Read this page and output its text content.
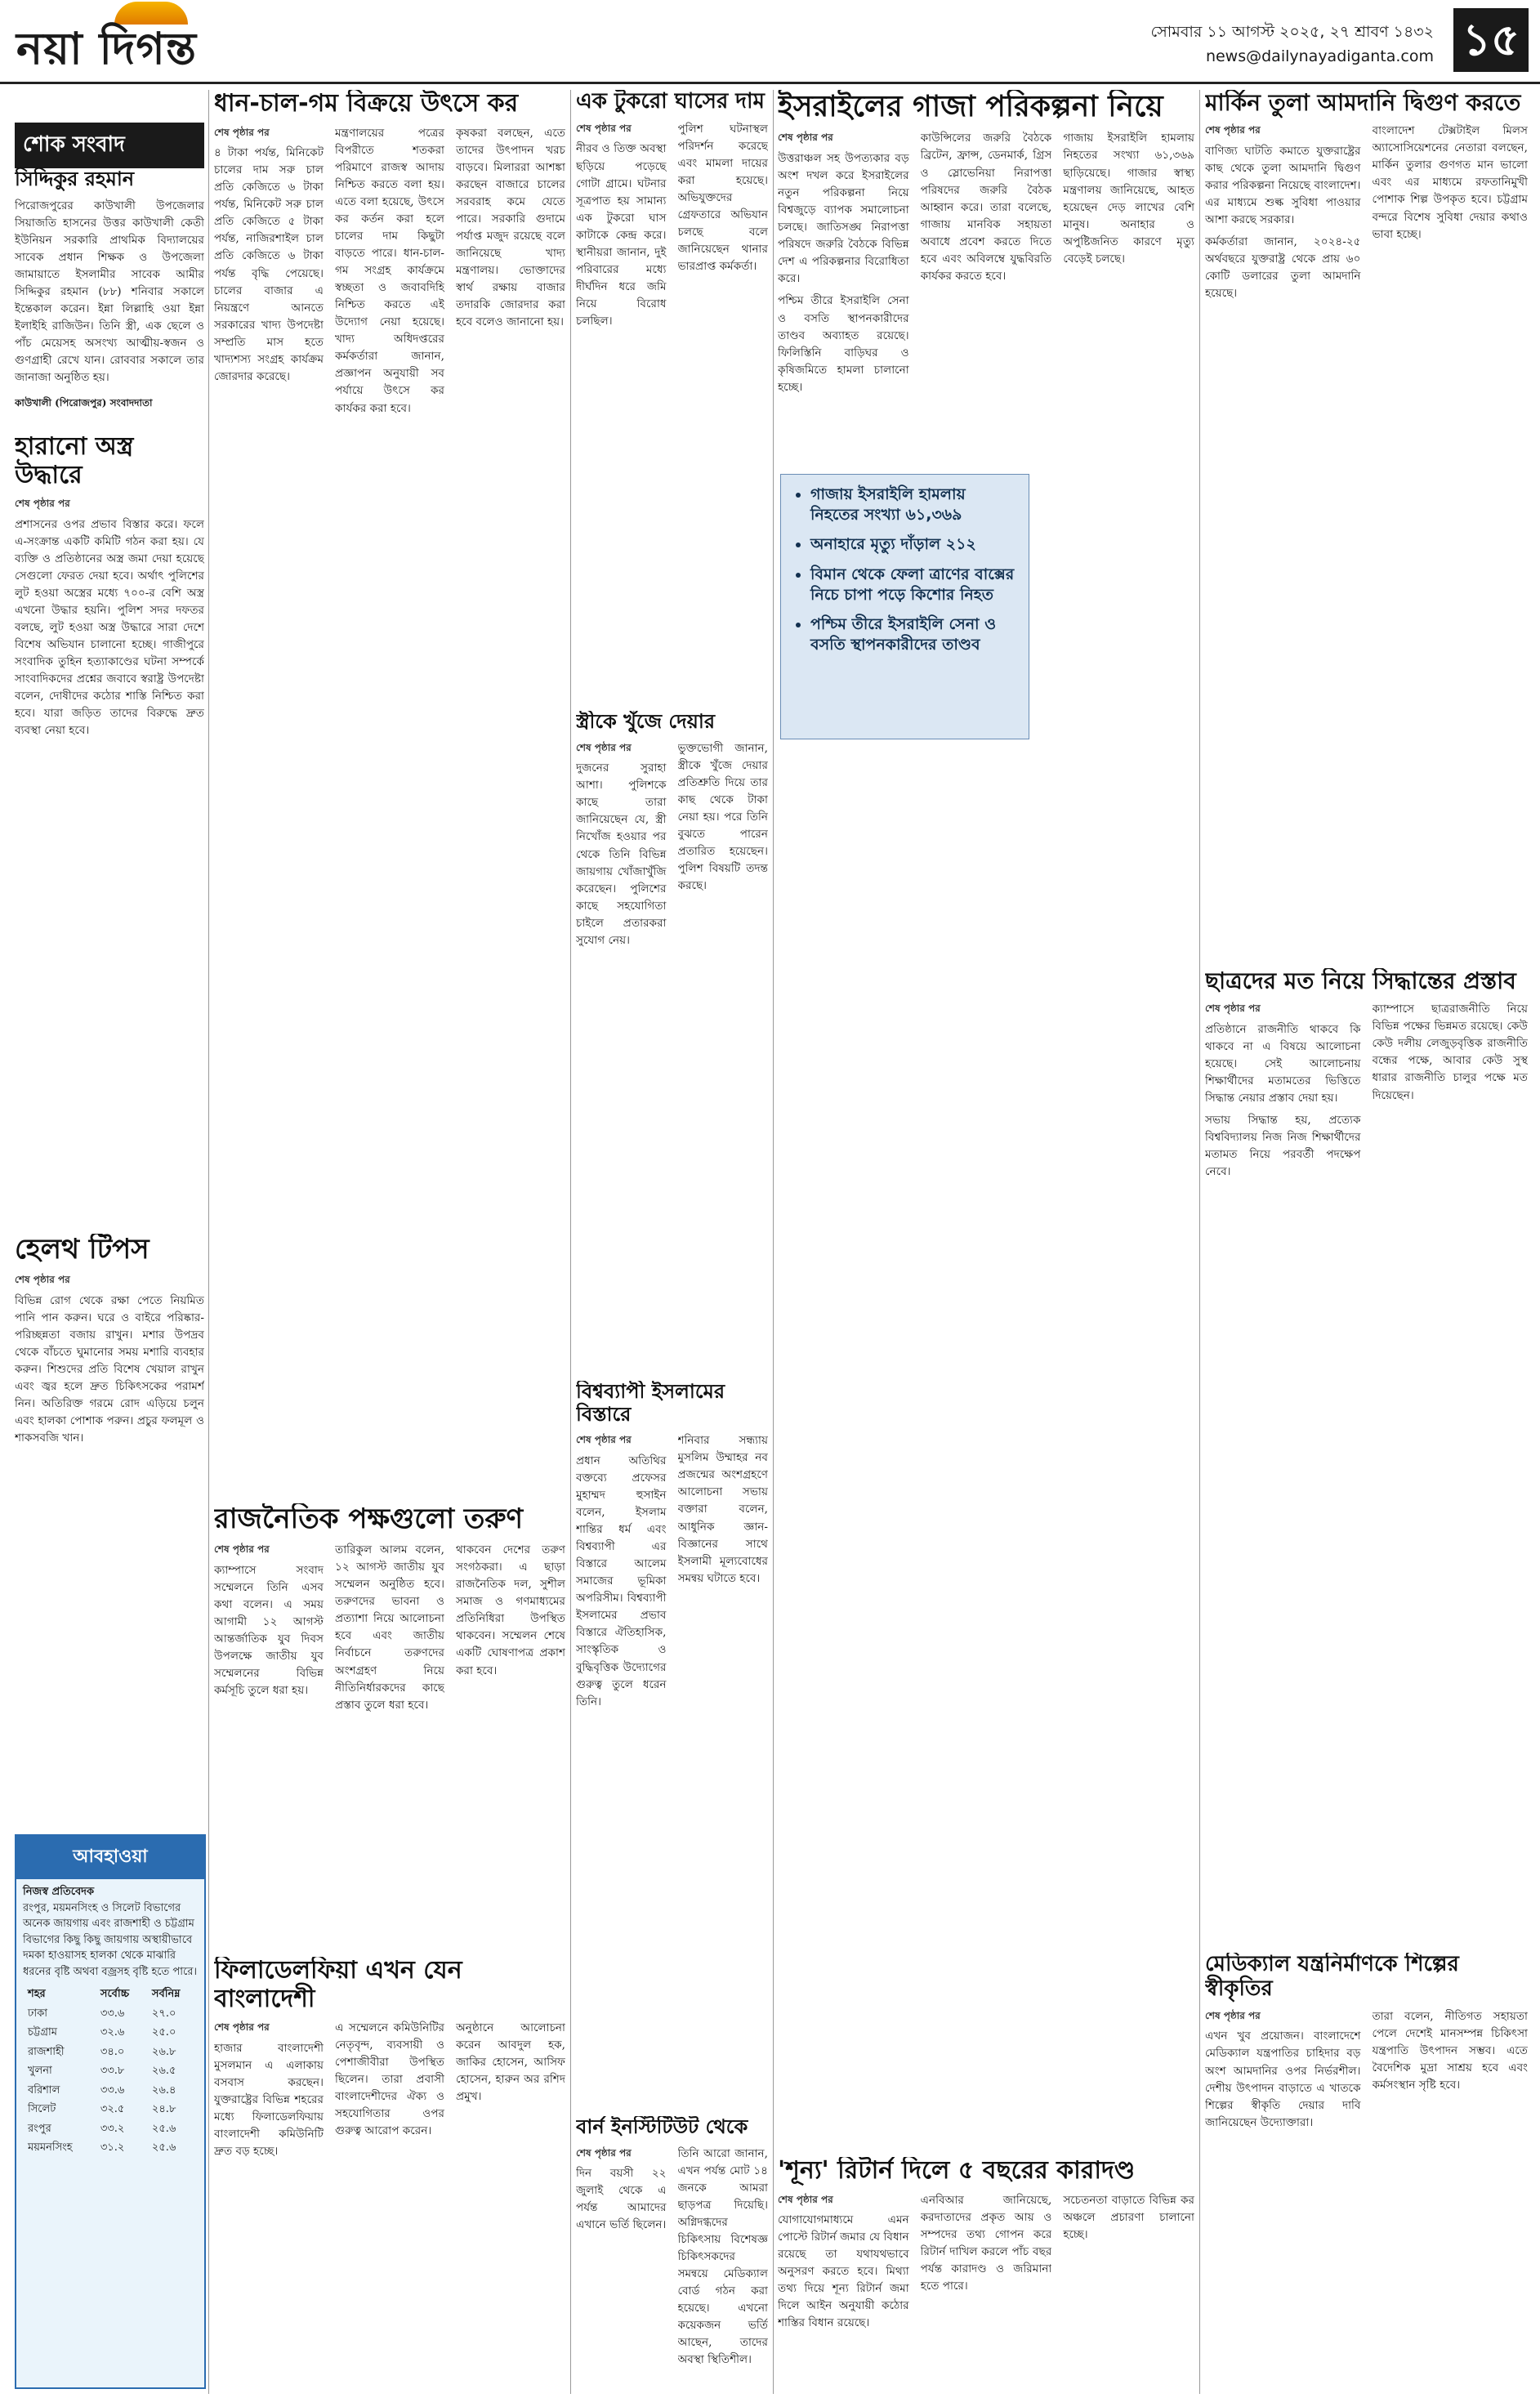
নয়া দিগন্ত	সোমবার ১১ আগস্ট ২০২৫, ২৭ শ্রাবণ ১৪৩২
news@dailynayadiganta.com ১৫
শোক সংবাদ
সিদ্দিকুর রহমান

পিরোজপুরের কাউখালী উপজেলার সিয়াজতি হাসনের উত্তর কাউখালী কেতী ইউনিয়ন সরকারি প্রাথমিক বিদ্যালয়ের সাবেক প্রধান শিক্ষক ও উপজেলা জামায়াতে ইসলামীর সাবেক আমীর সিদ্দিকুর রহমান (৮৮) শনিবার সকালে ইন্তেকাল করেন। ইন্না লিল্লাহি ওয়া ইন্না ইলাইহি রাজিউন। তিনি স্ত্রী, এক ছেলে ও পাঁচ মেয়েসহ অসংখ্য আত্মীয়-স্বজন ও গুণগ্রাহী রেখে যান। রোববার সকালে তার জানাজা অনুষ্ঠিত হয়।

কাউখালী (পিরোজপুর) সংবাদদাতা
হারানো অস্ত্র উদ্ধারে

শেষ পৃষ্ঠার পর

প্রশাসনের ওপর প্রভাব বিস্তার করে। ফলে এ-সংক্রান্ত একটি কমিটি গঠন করা হয়। যে ব্যক্তি ও প্রতিষ্ঠানের অস্ত্র জমা দেয়া হয়েছে সেগুলো ফেরত দেয়া হবে। অর্থাৎ পুলিশের লুট হওয়া অস্ত্রের মধ্যে ৭০০-র বেশি অস্ত্র এখনো উদ্ধার হয়নি। পুলিশ সদর দফতর বলছে, লুট হওয়া অস্ত্র উদ্ধারে সারা দেশে বিশেষ অভিযান চালানো হচ্ছে। গাজীপুরে সংবাদিক তুহিন হত্যাকাণ্ডের ঘটনা সম্পর্কে সাংবাদিকদের প্রশ্নের জবাবে স্বরাষ্ট্র উপদেষ্টা বলেন, দোষীদের কঠোর শাস্তি নিশ্চিত করা হবে। যারা জড়িত তাদের বিরুদ্ধে দ্রুত ব্যবস্থা নেয়া হবে।

হেলথ টিপস

শেষ পৃষ্ঠার পর

বিভিন্ন রোগ থেকে রক্ষা পেতে নিয়মিত পানি পান করুন। ঘরে ও বাইরে পরিষ্কার-পরিচ্ছন্নতা বজায় রাখুন। মশার উপদ্রব থেকে বাঁচতে ঘুমানোর সময় মশারি ব্যবহার করুন। শিশুদের প্রতি বিশেষ খেয়াল রাখুন এবং জ্বর হলে দ্রুত চিকিৎসকের পরামর্শ নিন। অতিরিক্ত গরমে রোদ এড়িয়ে চলুন এবং হালকা পোশাক পরুন। প্রচুর ফলমূল ও শাকসবজি খান।

ধান-চাল-গম বিক্রয়ে উৎসে কর

শেষ পৃষ্ঠার পর

৪ টাকা পর্যন্ত, মিনিকেট চালের দাম সরু চাল প্রতি কেজিতে ৬ টাকা পর্যন্ত, মিনিকেট সরু চাল প্রতি কেজিতে ৫ টাকা পর্যন্ত, নাজিরশাইল চাল প্রতি কেজিতে ৬ টাকা পর্যন্ত বৃদ্ধি পেয়েছে। চালের বাজার এ নিয়ন্ত্রণে আনতে সরকারের খাদ্য উপদেষ্টা সম্প্রতি মাস হতে খাদ্যশস্য সংগ্রহ কার্যক্রম জোরদার করেছে।

মন্ত্রণালয়ের পত্রের বিপরীতে শতকরা পরিমাণে রাজস্ব আদায় নিশ্চিত করতে বলা হয়। এতে বলা হয়েছে, উৎসে কর কর্তন করা হলে চালের দাম কিছুটা বাড়তে পারে। ধান-চাল-গম সংগ্রহ কার্যক্রমে স্বচ্ছতা ও জবাবদিহি নিশ্চিত করতে এই উদ্যোগ নেয়া হয়েছে। খাদ্য অধিদপ্তরের কর্মকর্তারা জানান, প্রজ্ঞাপন অনুযায়ী সব পর্যায়ে উৎসে কর কার্যকর করা হবে।

কৃষকরা বলছেন, এতে তাদের উৎপাদন খরচ বাড়বে। মিলাররা আশঙ্কা করছেন বাজারে চালের সরবরাহ কমে যেতে পারে। সরকারি গুদামে পর্যাপ্ত মজুদ রয়েছে বলে জানিয়েছে খাদ্য মন্ত্রণালয়। ভোক্তাদের স্বার্থ রক্ষায় বাজার তদারকি জোরদার করা হবে বলেও জানানো হয়।

রাজনৈতিক পক্ষগুলো তরুণ

শেষ পৃষ্ঠার পর

ক্যাম্পাসে সংবাদ সম্মেলনে তিনি এসব কথা বলেন। এ সময় আগামী ১২ আগস্ট আন্তর্জাতিক যুব দিবস উপলক্ষে জাতীয় যুব সম্মেলনের বিভিন্ন কর্মসূচি তুলে ধরা হয়।

তারিকুল আলম বলেন, ১২ আগস্ট জাতীয় যুব সম্মেলন অনুষ্ঠিত হবে। তরুণদের ভাবনা ও প্রত্যাশা নিয়ে আলোচনা হবে এবং জাতীয় নির্বাচনে তরুণদের অংশগ্রহণ নিয়ে নীতিনির্ধারকদের কাছে প্রস্তাব তুলে ধরা হবে।

থাকবেন দেশের তরুণ সংগঠকরা। এ ছাড়া রাজনৈতিক দল, সুশীল সমাজ ও গণমাধ্যমের প্রতিনিধিরা উপস্থিত থাকবেন। সম্মেলন শেষে একটি ঘোষণাপত্র প্রকাশ করা হবে।

ফিলাডেলফিয়া এখন যেন বাংলাদেশী

শেষ পৃষ্ঠার পর

হাজার বাংলাদেশী মুসলমান এ এলাকায় বসবাস করছেন। যুক্তরাষ্ট্রের বিভিন্ন শহরের মধ্যে ফিলাডেলফিয়ায় বাংলাদেশী কমিউনিটি দ্রুত বড় হচ্ছে।

এ সম্মেলনে কমিউনিটির নেতৃবৃন্দ, ব্যবসায়ী ও পেশাজীবীরা উপস্থিত ছিলেন। তারা প্রবাসী বাংলাদেশীদের ঐক্য ও সহযোগিতার ওপর গুরুত্ব আরোপ করেন।

অনুষ্ঠানে আলোচনা করেন আবদুল হক, জাকির হোসেন, আসিফ হোসেন, হারুন অর রশিদ প্রমুখ।

এক টুকরো ঘাসের দাম

শেষ পৃষ্ঠার পর

নীরব ও তিক্ত অবস্থা ছড়িয়ে পড়েছে গোটা গ্রামে। ঘটনার সূত্রপাত হয় সামান্য এক টুকরো ঘাস কাটাকে কেন্দ্র করে। স্থানীয়রা জানান, দুই পরিবারের মধ্যে দীর্ঘদিন ধরে জমি নিয়ে বিরোধ চলছিল।

পুলিশ ঘটনাস্থল পরিদর্শন করেছে এবং মামলা দায়ের করা হয়েছে। অভিযুক্তদের গ্রেফতারে অভিযান চলছে বলে জানিয়েছেন থানার ভারপ্রাপ্ত কর্মকর্তা।

স্ত্রীকে খুঁজে দেয়ার

শেষ পৃষ্ঠার পর

দুজনের সুরাহা আশা। পুলিশকে কাছে তারা জানিয়েছেন যে, স্ত্রী নিখোঁজ হওয়ার পর থেকে তিনি বিভিন্ন জায়গায় খোঁজাখুঁজি করেছেন। পুলিশের কাছে সহযোগিতা চাইলে প্রতারকরা সুযোগ নেয়।

ভুক্তভোগী জানান, স্ত্রীকে খুঁজে দেয়ার প্রতিশ্রুতি দিয়ে তার কাছ থেকে টাকা নেয়া হয়। পরে তিনি বুঝতে পারেন প্রতারিত হয়েছেন। পুলিশ বিষয়টি তদন্ত করছে।

বিশ্বব্যাপী ইসলামের বিস্তারে

শেষ পৃষ্ঠার পর

প্রধান অতিথির বক্তব্যে প্রফেসর মুহাম্মদ হুসাইন বলেন, ইসলাম শান্তির ধর্ম এবং বিশ্বব্যাপী এর বিস্তারে আলেম সমাজের ভূমিকা অপরিসীম। বিশ্বব্যাপী ইসলামের প্রভাব বিস্তারে ঐতিহাসিক, সাংস্কৃতিক ও বুদ্ধিবৃত্তিক উদ্যোগের গুরুত্ব তুলে ধরেন তিনি।

শনিবার সন্ধ্যায় মুসলিম উম্মাহর নব প্রজন্মের অংশগ্রহণে আলোচনা সভায় বক্তারা বলেন, আধুনিক জ্ঞান-বিজ্ঞানের সাথে ইসলামী মূল্যবোধের সমন্বয় ঘটাতে হবে।

বার্ন ইনস্টিটিউট থেকে

শেষ পৃষ্ঠার পর

দিন বয়সী ২২ জুলাই থেকে এ পর্যন্ত আমাদের এখানে ভর্তি ছিলেন।

তিনি আরো জানান, এখন পর্যন্ত মোট ১৪ জনকে আমরা ছাড়পত্র দিয়েছি। অগ্নিদগ্ধদের চিকিৎসায় বিশেষজ্ঞ চিকিৎসকদের সমন্বয়ে মেডিক্যাল বোর্ড গঠন করা হয়েছে। এখনো কয়েকজন ভর্তি আছেন, তাদের অবস্থা স্থিতিশীল।

ইসরাইলের গাজা পরিকল্পনা নিয়ে

শেষ পৃষ্ঠার পর

উত্তরাঞ্চল সহ উপত্যকার বড় অংশ দখল করে ইসরাইলের নতুন পরিকল্পনা নিয়ে বিশ্বজুড়ে ব্যাপক সমালোচনা চলছে। জাতিসঙ্ঘ নিরাপত্তা পরিষদে জরুরি বৈঠকে বিভিন্ন দেশ এ পরিকল্পনার বিরোধিতা করে।

পশ্চিম তীরে ইসরাইলি সেনা ও বসতি স্থাপনকারীদের তাণ্ডব অব্যাহত রয়েছে। ফিলিস্তিনি বাড়িঘর ও কৃষিজমিতে হামলা চালানো হচ্ছে।

কাউন্সিলের জরুরি বৈঠকে ব্রিটেন, ফ্রান্স, ডেনমার্ক, গ্রিস ও স্লোভেনিয়া নিরাপত্তা পরিষদের জরুরি বৈঠক আহ্বান করে। তারা বলেছে, গাজায় মানবিক সহায়তা অবাধে প্রবেশ করতে দিতে হবে এবং অবিলম্বে যুদ্ধবিরতি কার্যকর করতে হবে।

গাজায় ইসরাইলি হামলায় নিহতের সংখ্যা ৬১,৩৬৯ ছাড়িয়েছে। গাজার স্বাস্থ্য মন্ত্রণালয় জানিয়েছে, আহত হয়েছেন দেড় লাখের বেশি মানুষ। অনাহার ও অপুষ্টিজনিত কারণে মৃত্যু বেড়েই চলছে।

'শূন্য' রিটার্ন দিলে ৫ বছরের কারাদণ্ড

শেষ পৃষ্ঠার পর

যোগাযোগমাধ্যমে এমন পোস্টে রিটার্ন জমার যে বিধান রয়েছে তা যথাযথভাবে অনুসরণ করতে হবে। মিথ্যা তথ্য দিয়ে শূন্য রিটার্ন জমা দিলে আইন অনুযায়ী কঠোর শাস্তির বিধান রয়েছে।

এনবিআর জানিয়েছে, করদাতাদের প্রকৃত আয় ও সম্পদের তথ্য গোপন করে রিটার্ন দাখিল করলে পাঁচ বছর পর্যন্ত কারাদণ্ড ও জরিমানা হতে পারে।

সচেতনতা বাড়াতে বিভিন্ন কর অঞ্চলে প্রচারণা চালানো হচ্ছে।

মার্কিন তুলা আমদানি দ্বিগুণ করতে

শেষ পৃষ্ঠার পর

বাণিজ্য ঘাটতি কমাতে যুক্তরাষ্ট্রের কাছ থেকে তুলা আমদানি দ্বিগুণ করার পরিকল্পনা নিয়েছে বাংলাদেশ। এর মাধ্যমে শুল্ক সুবিধা পাওয়ার আশা করছে সরকার।

কর্মকর্তারা জানান, ২০২৪-২৫ অর্থবছরে যুক্তরাষ্ট্র থেকে প্রায় ৬০ কোটি ডলারের তুলা আমদানি হয়েছে।

বাংলাদেশ টেক্সটাইল মিলস অ্যাসোসিয়েশনের নেতারা বলছেন, মার্কিন তুলার গুণগত মান ভালো এবং এর মাধ্যমে রফতানিমুখী পোশাক শিল্প উপকৃত হবে। চট্টগ্রাম বন্দরে বিশেষ সুবিধা দেয়ার কথাও ভাবা হচ্ছে।

ছাত্রদের মত নিয়ে সিদ্ধান্তের প্রস্তাব

শেষ পৃষ্ঠার পর

প্রতিষ্ঠানে রাজনীতি থাকবে কি থাকবে না এ বিষয়ে আলোচনা হয়েছে। সেই আলোচনায় শিক্ষার্থীদের মতামতের ভিত্তিতে সিদ্ধান্ত নেয়ার প্রস্তাব দেয়া হয়।

সভায় সিদ্ধান্ত হয়, প্রত্যেক বিশ্ববিদ্যালয় নিজ নিজ শিক্ষার্থীদের মতামত নিয়ে পরবর্তী পদক্ষেপ নেবে।

ক্যাম্পাসে ছাত্ররাজনীতি নিয়ে বিভিন্ন পক্ষের ভিন্নমত রয়েছে। কেউ কেউ দলীয় লেজুড়বৃত্তিক রাজনীতি বন্ধের পক্ষে, আবার কেউ সুস্থ ধারার রাজনীতি চালুর পক্ষে মত দিয়েছেন।

মেডিক্যাল যন্ত্রনির্মাণকে শিল্পের স্বীকৃতির

শেষ পৃষ্ঠার পর

এখন খুব প্রয়োজন। বাংলাদেশে মেডিক্যাল যন্ত্রপাতির চাহিদার বড় অংশ আমদানির ওপর নির্ভরশীল। দেশীয় উৎপাদন বাড়াতে এ খাতকে শিল্পের স্বীকৃতি দেয়ার দাবি জানিয়েছেন উদ্যোক্তারা।

তারা বলেন, নীতিগত সহায়তা পেলে দেশেই মানসম্পন্ন চিকিৎসা যন্ত্রপাতি উৎপাদন সম্ভব। এতে বৈদেশিক মুদ্রা সাশ্রয় হবে এবং কর্মসংস্থান সৃষ্টি হবে।

• গাজায় ইসরাইলি হামলায় নিহতের সংখ্যা ৬১,৩৬৯
• অনাহারে মৃত্যু দাঁড়াল ২১২
• বিমান থেকে ফেলা ত্রাণের বাক্সের নিচে চাপা পড়ে কিশোর নিহত
• পশ্চিম তীরে ইসরাইলি সেনা ও বসতি স্থাপনকারীদের তাণ্ডব
আবহাওয়া
নিজস্ব প্রতিবেদক
রংপুর, ময়মনসিংহ ও সিলেট বিভাগের অনেক জায়গায় এবং রাজশাহী ও চট্টগ্রাম বিভাগের কিছু কিছু জায়গায় অস্থায়ীভাবে দমকা হাওয়াসহ হালকা থেকে মাঝারি ধরনের বৃষ্টি অথবা বজ্রসহ বৃষ্টি হতে পারে।
শহর	সর্বোচ্চ	সর্বনিম্ন
ঢাকা	৩৩.৬	২৭.০
চট্টগ্রাম	৩২.৬	২৫.০
রাজশাহী	৩৪.০	২৬.৮
খুলনা	৩৩.৮	২৬.৫
বরিশাল	৩৩.৬	২৬.৪
সিলেট	৩২.৫	২৪.৮
রংপুর	৩৩.২	২৫.৬
ময়মনসিংহ	৩১.২	২৫.৬
